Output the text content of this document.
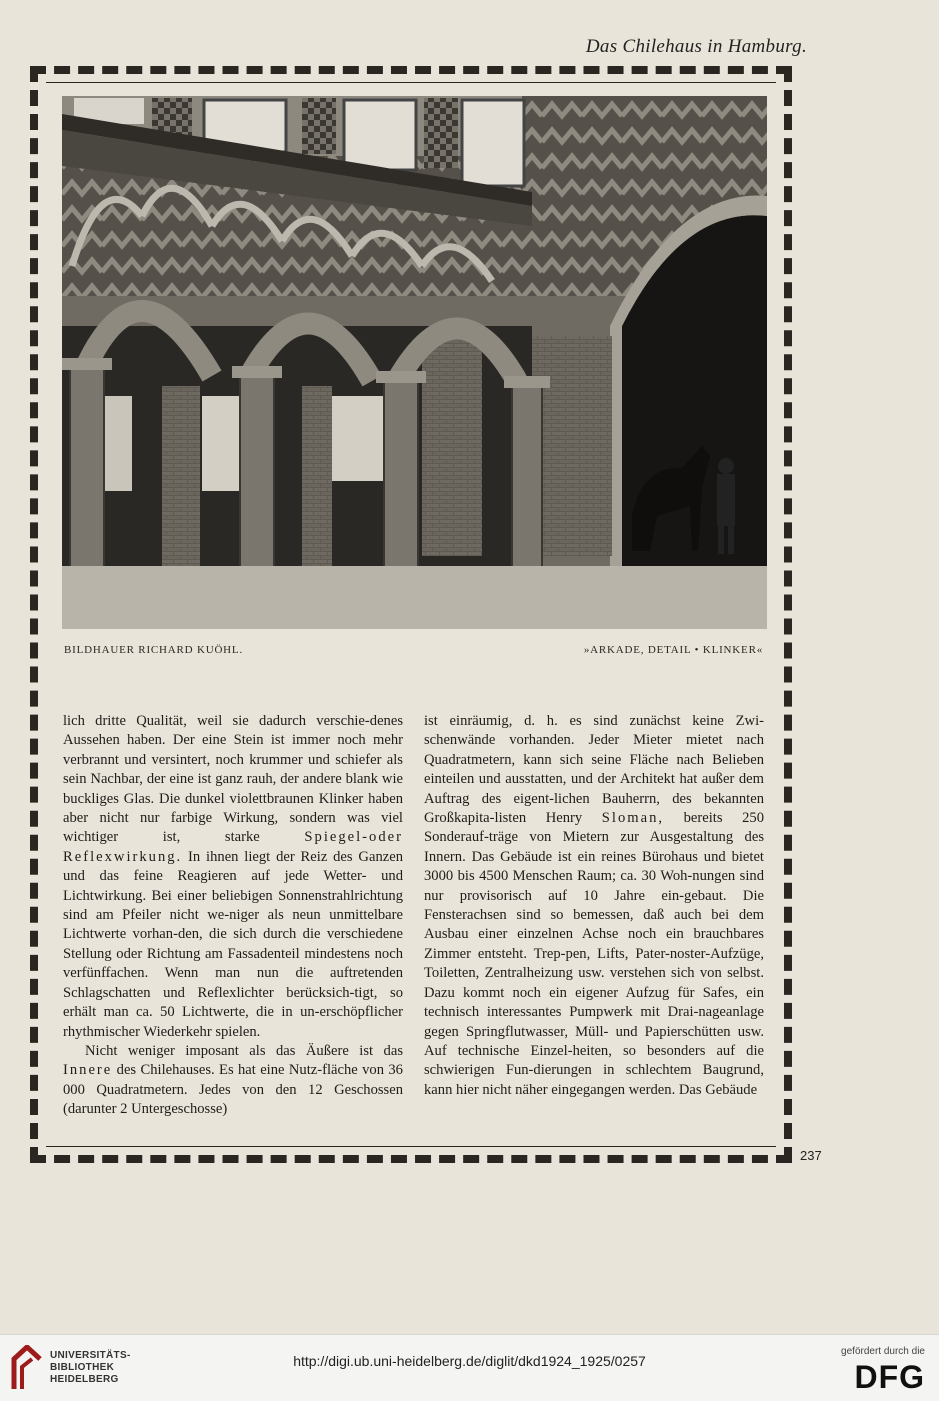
Das Chilehaus in Hamburg.
BILDHAUER RICHARD KUÖHL.	»ARKADE, DETAIL • KLINKER«

lich dritte Qualität, weil sie dadurch verschie-denes Aussehen haben. Der eine Stein ist immer noch mehr verbrannt und versintert, noch krummer und schiefer als sein Nachbar, der eine ist ganz rauh, der andere blank wie buckliges Glas. Die dunkel violettbraunen Klinker haben aber nicht nur farbige Wirkung, sondern was viel wichtiger ist, starke	Spiegel-oder Reflexwirkung. In ihnen liegt der Reiz des Ganzen und das feine Reagieren auf jede Wetter- und Lichtwirkung. Bei einer beliebigen Sonnenstrahlrichtung sind am Pfeiler nicht we-niger als neun unmittelbare Lichtwerte vorhan-den, die sich durch die verschiedene Stellung oder Richtung am Fassadenteil mindestens noch verfünffachen. Wenn man nun die auftretenden Schlagschatten und Reflexlichter berücksich-tigt, so erhält man ca. 50 Lichtwerte, die in un-erschöpflicher rhythmischer Wiederkehr spielen.

Nicht weniger imposant als das Äußere ist das Innere des Chilehauses. Es hat eine Nutz-fläche von 36 000 Quadratmetern. Jedes von den 12 Geschossen (darunter 2 Untergeschosse)

ist einräumig, d. h. es sind zunächst keine Zwi-schenwände vorhanden. Jeder Mieter mietet nach Quadratmetern, kann sich seine Fläche nach Belieben einteilen und ausstatten, und der Architekt hat außer dem Auftrag des eigent-lichen Bauherrn, des bekannten Großkapita-listen Henry Sloman, bereits 250 Sonderauf-träge von Mietern zur Ausgestaltung des Innern. Das Gebäude ist ein reines Bürohaus und bietet 3000 bis 4500 Menschen Raum; ca. 30 Woh-nungen sind nur provisorisch auf 10 Jahre ein-gebaut. Die Fensterachsen sind so bemessen, daß auch bei dem Ausbau einer einzelnen Achse noch ein brauchbares Zimmer entsteht. Trep-pen, Lifts, Pater-noster-Aufzüge, Toiletten, Zentralheizung usw. verstehen sich von selbst. Dazu kommt noch ein eigener Aufzug für Safes, ein technisch interessantes Pumpwerk mit Drai-nageanlage gegen Springflutwasser, Müll- und Papierschütten usw. Auf technische Einzel-heiten, so besonders auf die schwierigen Fun-dierungen in schlechtem Baugrund, kann hier nicht näher eingegangen werden. Das Gebäude

237
UNIVERSITÄTS-
BIBLIOTHEK
HEIDELBERG
http://digi.ub.uni-heidelberg.de/diglit/dkd1924_1925/0257
gefördert durch die
DFG
